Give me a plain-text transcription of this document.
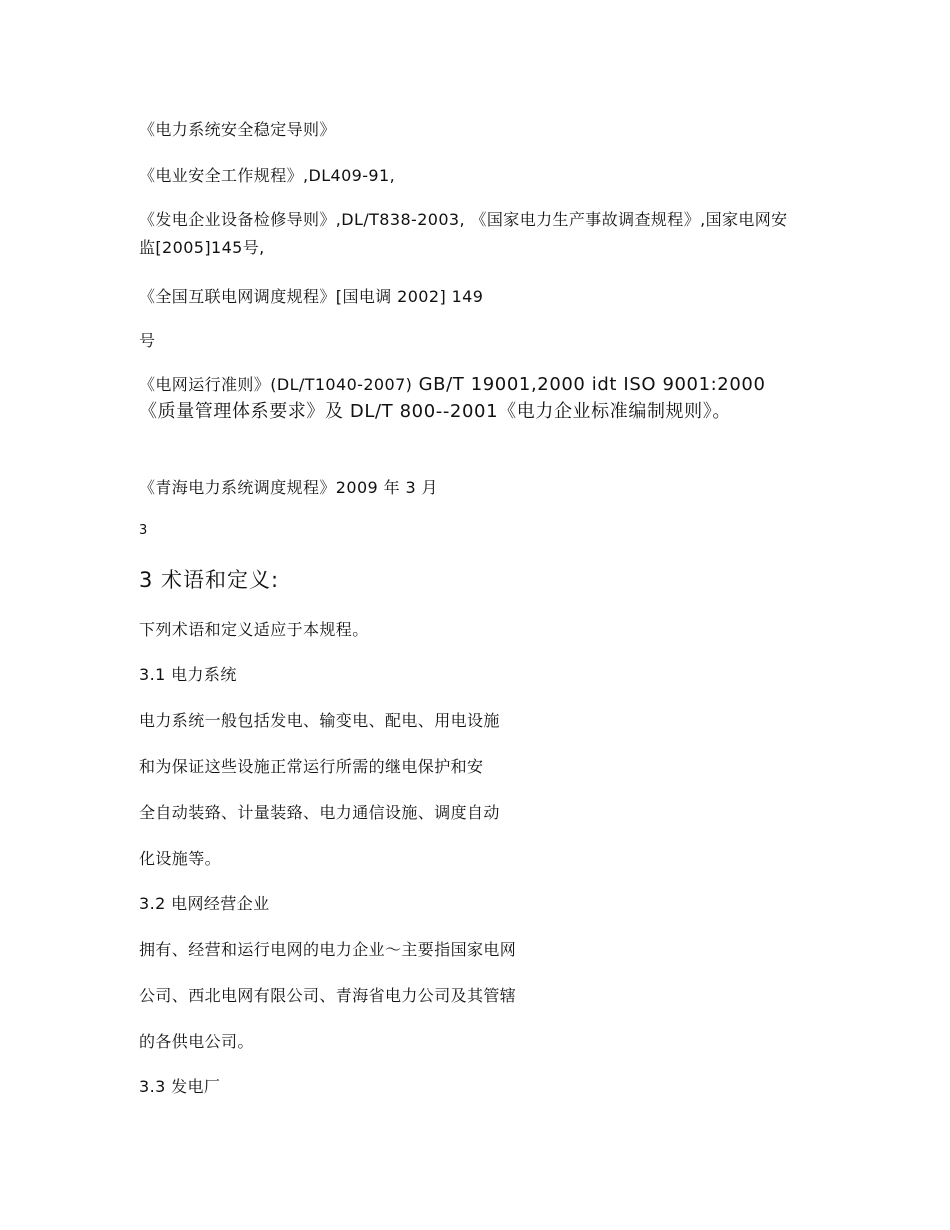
《电力系统安全稳定导则》

《电业安全工作规程》,DL409-91,

《发电企业设备检修导则》,DL/T838-2003, 《国家电力生产事故调查规程》,国家电网安监[2005]145号,

《全国互联电网调度规程》[国电调 2002] 149

号

《电网运行准则》(DL/T1040-2007) GB/T 19001,2000 idt ISO 9001:2000《质量管理体系要求》及 DL/T 800--2001《电力企业标准编制规则》。

《青海电力系统调度规程》2009 年 3 月

3

3 术语和定义:

下列术语和定义适应于本规程。

3.1 电力系统

电力系统一般包括发电、输变电、配电、用电设施

和为保证这些设施正常运行所需的继电保护和安

全自动装臵、计量装臵、电力通信设施、调度自动

化设施等。

3.2 电网经营企业

拥有、经营和运行电网的电力企业～主要指国家电网

公司、西北电网有限公司、青海省电力公司及其管辖

的各供电公司。

3.3 发电厂
